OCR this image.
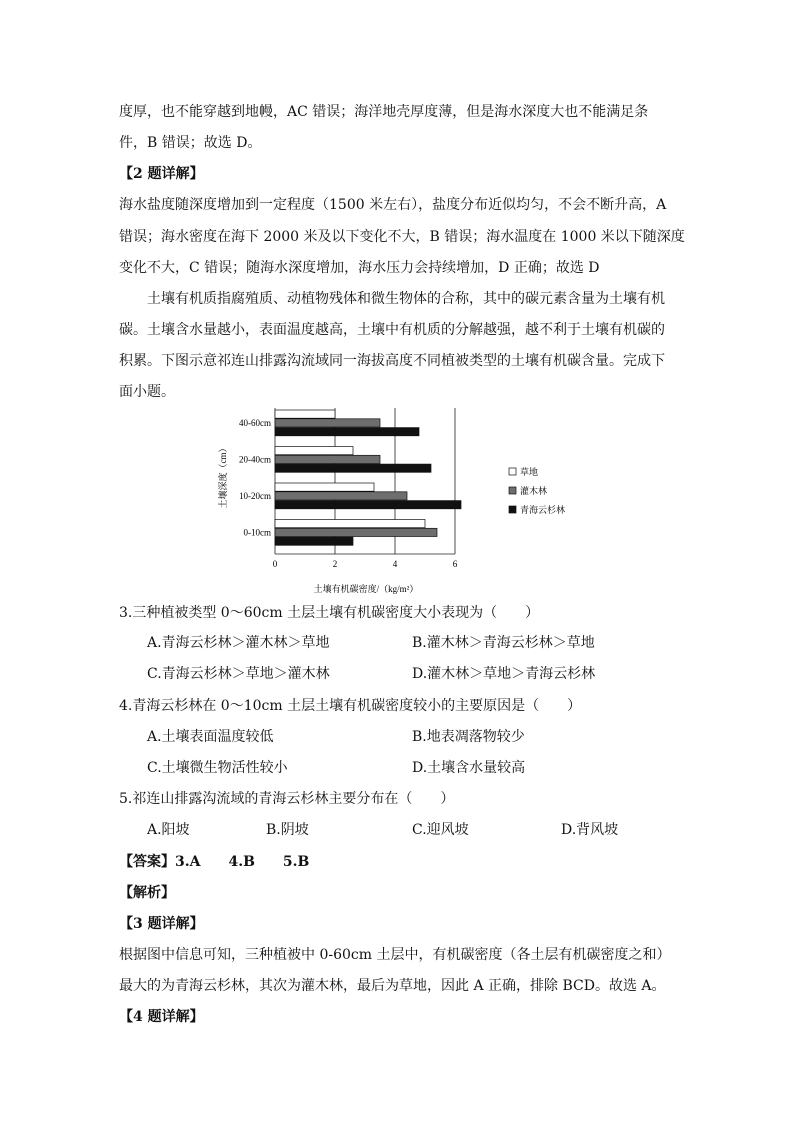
度厚，也不能穿越到地幔，AC 错误；海洋地壳厚度薄，但是海水深度大也不能满足条
件，B 错误；故选 D。
【2 题详解】
海水盐度随深度增加到一定程度（1500 米左右），盐度分布近似均匀，不会不断升高，A
错误；海水密度在海下 2000 米及以下变化不大，B 错误；海水温度在 1000 米以下随深度
变化不大，C 错误；随海水深度增加，海水压力会持续增加，D 正确；故选 D
土壤有机质指腐殖质、动植物残体和微生物体的合称，其中的碳元素含量为土壤有机
碳。土壤含水量越小，表面温度越高，土壤中有机质的分解越强，越不利于土壤有机碳的
积累。下图示意祁连山排露沟流域同一海拔高度不同植被类型的土壤有机碳含量。完成下
面小题。
0	2	4	6
40-60cm
20-40cm
10-20cm
0-10cm
土壤深度（cm）
土壤有机碳密度/（kg/m²）
草地
灌木林
青海云杉林
3.三种植被类型 0～60cm 土层土壤有机碳密度大小表现为（　　）
A.青海云杉林＞灌木林＞草地	B.灌木林＞青海云杉林＞草地
C.青海云杉林＞草地＞灌木林	D.灌木林＞草地＞青海云杉林
4.青海云杉林在 0～10cm 土层土壤有机碳密度较小的主要原因是（　　）
A.土壤表面温度较低	B.地表凋落物较少
C.土壤微生物活性较小	D.土壤含水量较高
5.祁连山排露沟流域的青海云杉林主要分布在（　　）
A.阳坡	B.阴坡	C.迎风坡	D.背风坡
【答案】3.A　　4.B　　5.B
【解析】
【3 题详解】
根据图中信息可知，三种植被中 0-60cm 土层中，有机碳密度（各土层有机碳密度之和）
最大的为青海云杉林，其次为灌木林，最后为草地，因此 A 正确，排除 BCD。故选 A。
【4 题详解】
